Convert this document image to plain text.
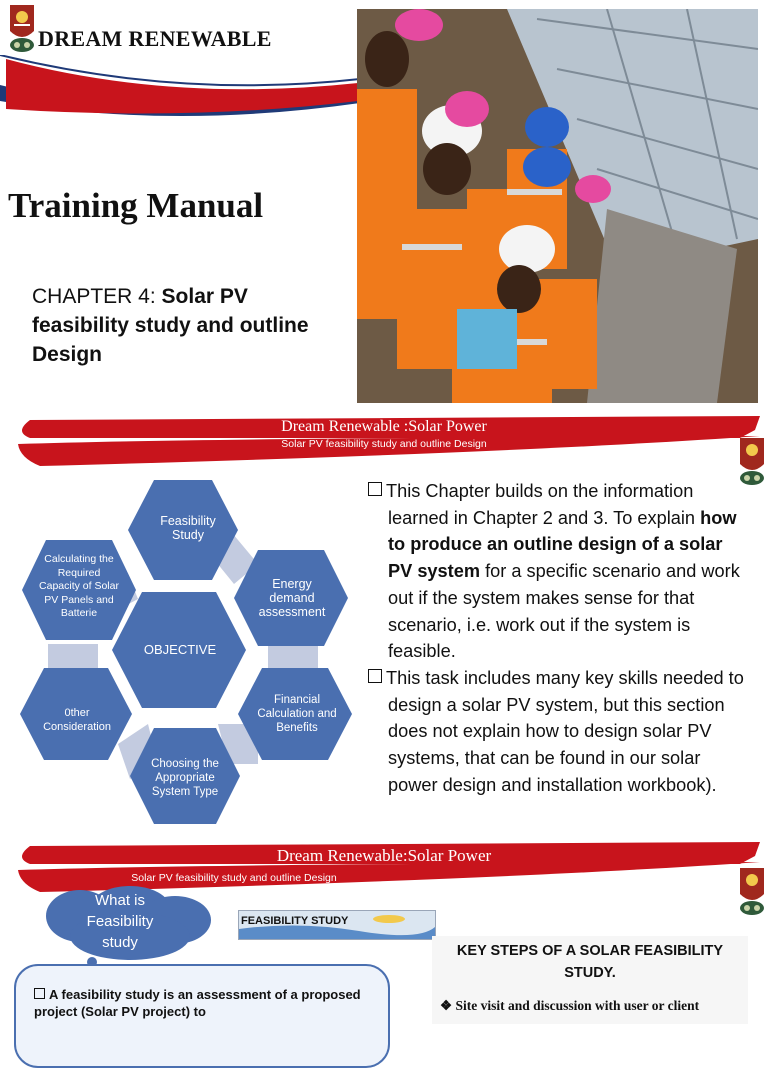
DREAM RENEWABLE
Training Manual
CHAPTER 4: Solar PV feasibility study and outline Design
Dream Renewable :Solar Power
Solar PV feasibility study and outline Design
OBJECTIVE
Feasibility Study
Energy demand assessment
Financial Calculation and Benefits
Choosing the Appropriate System Type
0ther Consideration
Calculating the Required Capacity of Solar PV Panels and Batterie

This Chapter builds on the information learned in Chapter 2 and 3. To explain how to produce an outline design of a solar PV system for a specific scenario and work out if the system makes sense for that scenario, i.e. work out if the system is feasible.

This task includes many key skills needed to design a solar PV system, but this section does not explain how to design solar PV systems, that can be found in our solar power design and installation workbook).

Dream Renewable:Solar Power
Solar PV feasibility study and outline Design
What is Feasibility study
FEASIBILITY STUDY
A feasibility study is an assessment of a proposed project (Solar PV project) to
KEY STEPS OF A SOLAR FEASIBILITY STUDY.
❖ Site visit and discussion with user or client
